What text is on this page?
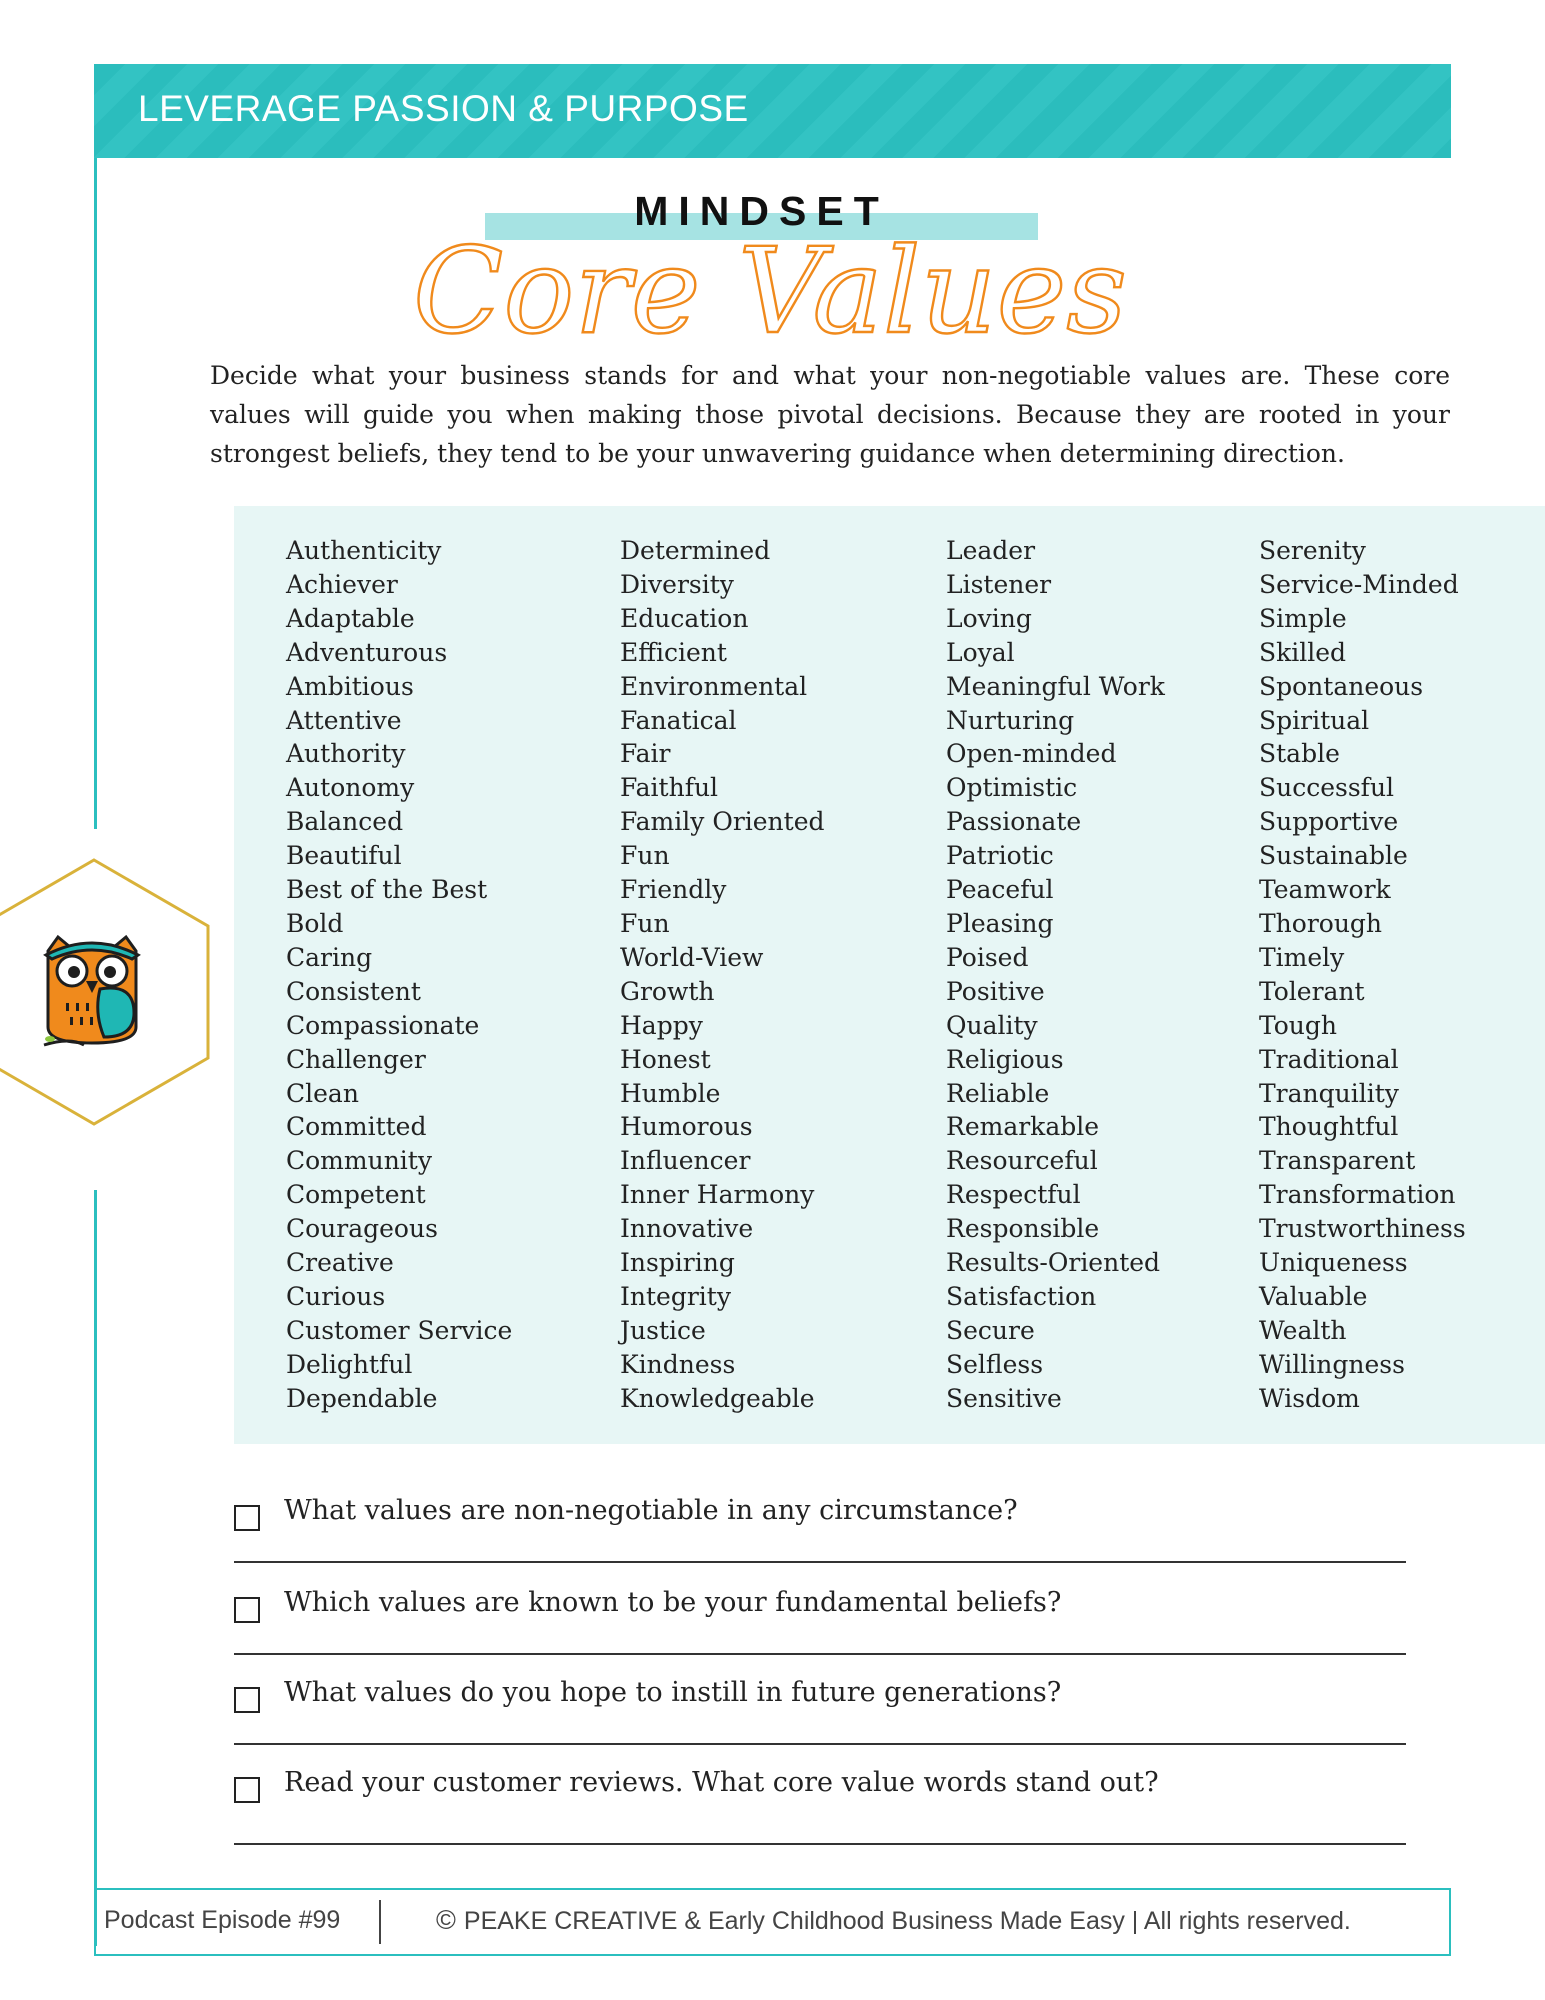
LEVERAGE PASSION & PURPOSE
MINDSET
Core Values
Decide what your business stands for and what your non-negotiable values are. These core values will guide you when making those pivotal decisions. Because they are rooted in your strongest beliefs, they tend to be your unwavering guidance when determining direction.
Authenticity
Achiever
Adaptable
Adventurous
Ambitious
Attentive
Authority
Autonomy
Balanced
Beautiful
Best of the Best
Bold
Caring
Consistent
Compassionate
Challenger
Clean
Committed
Community
Competent
Courageous
Creative
Curious
Customer Service
Delightful
Dependable
Determined
Diversity
Education
Efficient
Environmental
Fanatical
Fair
Faithful
Family Oriented
Fun
Friendly
Fun
World-View
Growth
Happy
Honest
Humble
Humorous
Influencer
Inner Harmony
Innovative
Inspiring
Integrity
Justice
Kindness
Knowledgeable
Leader
Listener
Loving
Loyal
Meaningful Work
Nurturing
Open-minded
Optimistic
Passionate
Patriotic
Peaceful
Pleasing
Poised
Positive
Quality
Religious
Reliable
Remarkable
Resourceful
Respectful
Responsible
Results-Oriented
Satisfaction
Secure
Selfless
Sensitive
Serenity
Service-Minded
Simple
Skilled
Spontaneous
Spiritual
Stable
Successful
Supportive
Sustainable
Teamwork
Thorough
Timely
Tolerant
Tough
Traditional
Tranquility
Thoughtful
Transparent
Transformation
Trustworthiness
Uniqueness
Valuable
Wealth
Willingness
Wisdom
What values are non-negotiable in any circumstance?
Which values are known to be your fundamental beliefs?
What values do you hope to instill in future generations?
Read your customer reviews. What core value words stand out?
Podcast Episode #99	© PEAKE CREATIVE & Early Childhood Business Made Easy | All rights reserved.
